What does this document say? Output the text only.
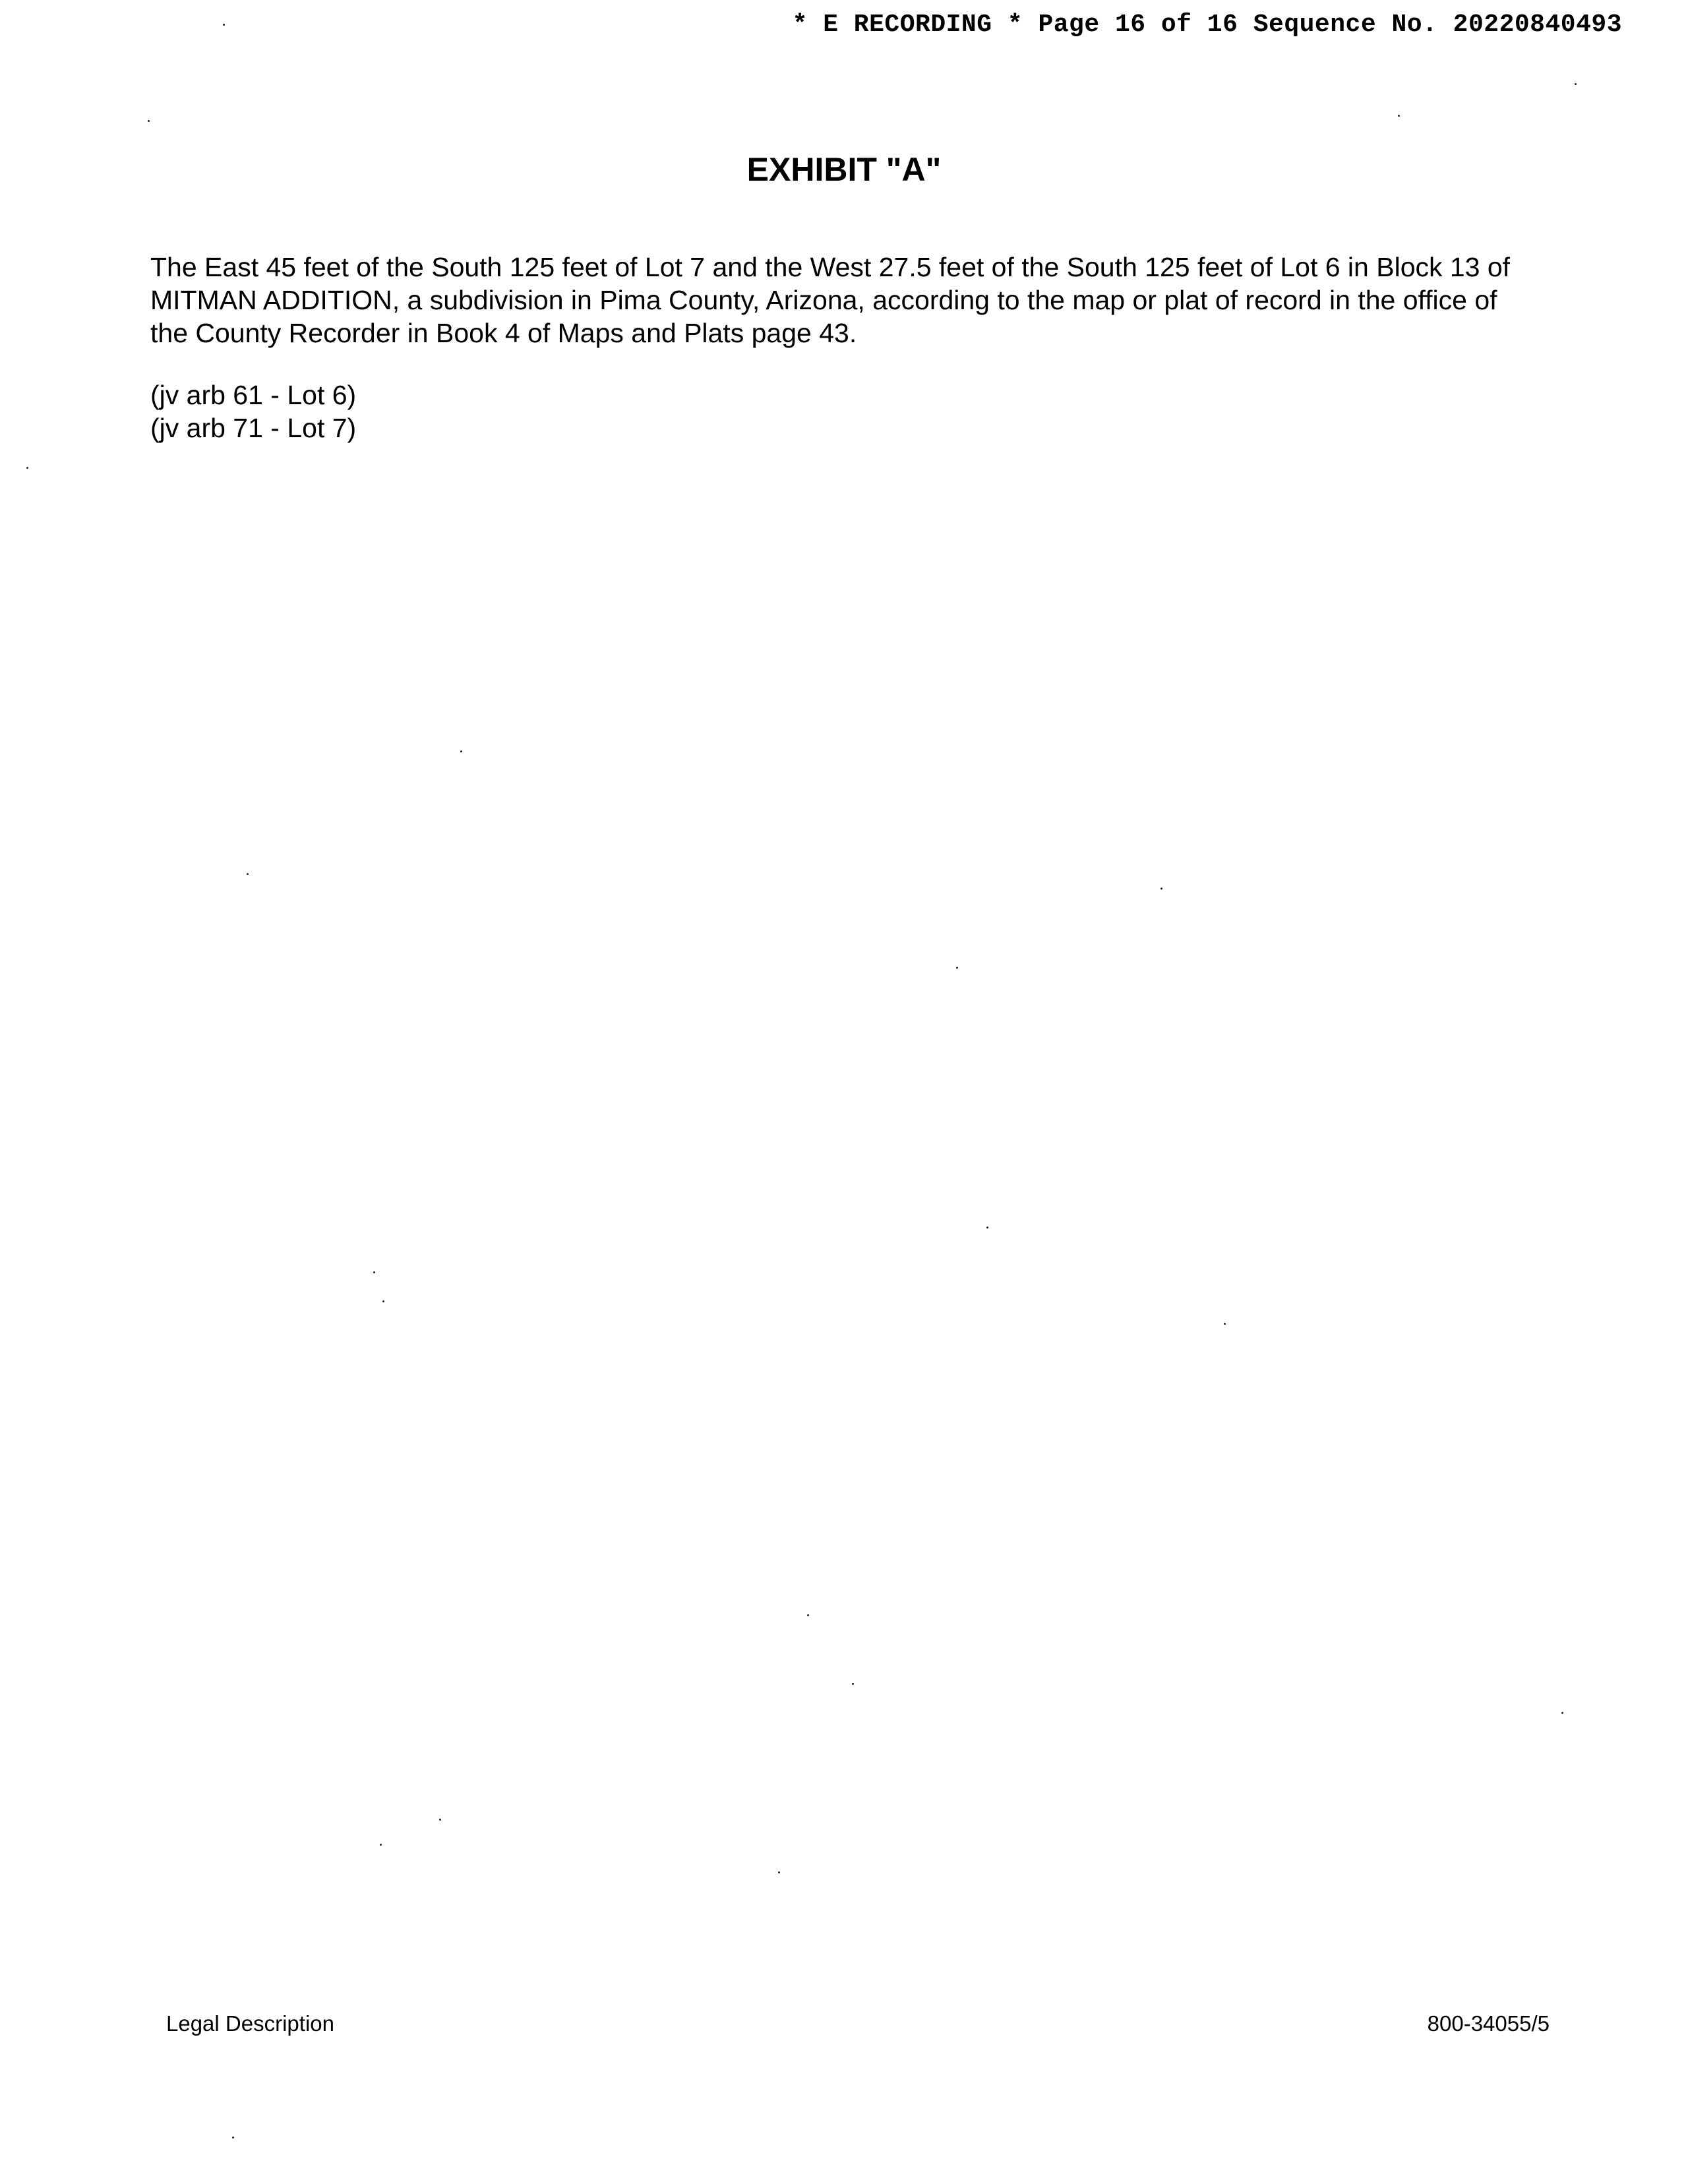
* E RECORDING * Page 16 of 16 Sequence No. 20220840493
EXHIBIT "A"

The East 45 feet of the South 125 feet of Lot 7 and the West 27.5 feet of the South 125 feet of Lot 6 in Block 13 of
MITMAN ADDITION, a subdivision in Pima County, Arizona, according to the map or plat of record in the office of
the County Recorder in Book 4 of Maps and Plats page 43.

(jv arb 61 - Lot 6)
(jv arb 71 - Lot 7)
Legal Description	800-34055/5
